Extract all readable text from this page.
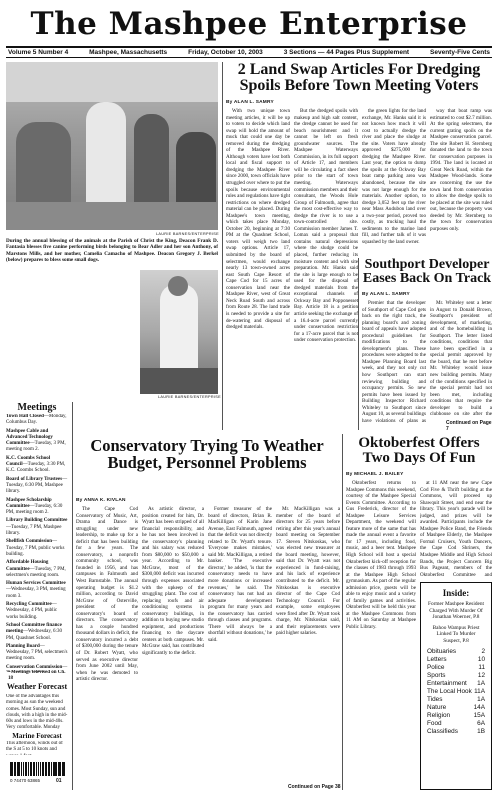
The Mashpee Enterprise
Volume 5 Number 4	Mashpee, Massachusetts	Friday, October 10, 2003	3 Sections — 44 Pages Plus Supplement	Seventy-Five Cents
LAURIE BARNES/ENTERPRISE
During the annual blessing of the animals at the Parish of Christ the King, Deacon Frank D. Fantasia blesses five canine performing birds belonging to Bear Adler and her son Anthony, of Marstons Mills, and her mother, Camelia Camacho of Mashpee. Deacon Gregory J. Berkel (below) prepares to bless some small dogs.
LAURIE BARNES/ENTERPRISE
Meetings

Town Hall Closed—Monday, Columbus Day.

Mashpee Cable and Advanced Technology Committee—Tuesday, 3 PM, meeting room 2.

K.C. Coombs School Council—Tuesday, 3:30 PM, K.C. Coombs School.

Board of Library Trustees—Tuesday, 6:30 PM, Mashpee library.

Mashpee Scholarship Committee—Tuesday, 6:30 PM, meeting room 2.

Library Building Committee—Tuesday, 7 PM, Mashpee library.

Shellfish Commission—Tuesday, 7 PM, public works building.

Affordable Housing Committee—Tuesday, 7 PM, selectmen's meeting room.

Human Services Committee—Wednesday, 3 PM, meeting room 3.

Recycling Committee—Wednesday, 4 PM, public works building.

School Committee finance meeting—Wednesday, 6:30 PM, Quashnet School.

Planning Board—Wednesday, 7 PM, selectmen's meeting room.

Conservation Commission—

• Meetings televised on Ch. 18
Weather Forecast
One of the advantages this morning as sun the weekend comes. Most Sunday, sun and clouds, with a high in the mid-60s and lows in the mid-40s. Very comfortable. Monday
Marine Forecast
This afternoon, winds out of the S at 5 to 10 knots and
0 74470 63865	01
Conservatory Trying To Weather Budget, Personnel Problems
By ANNA K. KIVLAN

The Cape Cod Conservatory of Music, Art, Drama and Dance is struggling under new leadership, to make up for a deficit that has been building for a few years. The conservatory, a nonprofit community school, was founded in 1956, and has campuses in Falmouth and West Barnstable. The annual operating budget is $1.2 million, according to David McGraw of Osterville, president of the conservatory's board of directors. The conservatory has a couple hundred thousand dollars in deficit, the conservatory incurred a debt of $300,000 during the tenure of Dr. Robert Wyatt, who served as executive director from June 2002 until May, when he was demoted to artistic director.

As artistic director, a position created for him, Dr. Wyatt has been stripped of all financial responsibility, and he has not been involved in the conservatory's planning and his salary was reduced from $80,000 to $50,000 a year. According to Mr. McGraw, most of the $300,000 deficit was incurred through expenses associated with the upkeep of the struggling plant. The cost of replacing roofs and air conditioning systems in conservatory buildings, in addition to buying new studio equipment, and productions financing to the daycare centers at both campuses. Mr. McGraw said, has contributed significantly to the deficit.

Former treasurer of the board of directors, Brian R. MacKilligan of Karin Jane Avenue, East Falmouth, agreed that the deficit was not directly related to Dr. Wyatt's tenure. 'Everyone makes mistakes,' said Mr. MacKilligan, a retired banker. 'The executive director,' he added, 'is that the conservatory needs to have more donations or increased revenues,' he said. The conservatory has not had an adequate development program for many years and the conservatory has carried through classes and programs. 'There will always be a shortfall without donations,' he said.

Mr. MacKilligan was a member of the board of directors for 25 years before retiring after this year's annual board meeting on September 17. Steven Nitskoskas, who was elected new treasurer at the board meeting, however, said that Dr. Wyatt was not experienced in fund-raising, and his lack of experience contributed to the deficit. Mr. Nitskoskas is executive director of the Cape Cod Technology Council. For example, some employees were fired after Dr. Wyatt took charge, Mr. Nitskoskas said, and their replacements were paid higher salaries.

Continued on Page 38
2 Land Swap Articles For Dredging Spoils Before Town Meeting Voters
By ALAN L. SAMRY

With two unique town meeting articles, it will be up to voters to decide which land swap will hold the amount of muck that could one day be removed during the dredging of the Mashpee River. Although voters have lost both local and fiscal support to dredging the Mashpee River since 2000, town officials have struggled over where to put the spoils because environmental rules and regulations have tight restrictions on where dredged material can be placed. During Mashpee's town meeting, which takes place Monday, October 20, beginning at 7:30 PM at the Quashnet School, voters will weigh two land swap options. Article 17, submitted by the board of selectmen, would exchange nearly 13 town-owned acres east South Cape Resort of Cape Cod for 15 acres of conservation land near the Mashpee River, west of Great Neck Road South and across from Route 28. The land trade is needed to provide a site for de-watering and disposal of dredged materials.

But the dredged spoils with makeup and high salt content, the dredge cannot be used for beach nourishment and it cannot be left on fresh groundwater sources. The Mashpee Waterways Commission, in its full support of Article 17, and members will be circulating a fact sheet prior to the start of town meeting. Waterways commission members and their consultant, the Woods Hole Group of Falmouth, agree that the most cost-effective way to dredge the river is to use a town-controlled site. Commission member James T. Lomax said a proposal that contains natural depressions where the sludge could be placed, further reducing its moisture content and with site preparation. Mr. Hanks said the site is large enough to be used for the disposal of dredged materials from the exceptional channels of Ockway Bay and Popponesset Bay. Article 18 is a petition article seeking the exchange of a 16.4-acre parcel currently under conservation restriction for a 17-acre parcel that is not under conservation protection.

the green lights for the land exchange, Mr. Hanks said it is not known how much it will cost to actually dredge the river and place the sludge at the site. Voters have already approved $275,000 for dredging the Mashpee River. Last year, the option to dump the spoils at the Ockway Bay boat ramp parking area was abandoned, because the site was not large enough for the materials. Another option, to dredge 3,052 feet up the river near Mass Audubon land over a two-year period, proved too costly, as trucking haul the sediments to the marine land fill, and further talk of it was squashed by the land owner.

way that boat ramp was estimated to cost $2.7 million. At the spring selectmen, the current grating spoils on the Mashpee conservation parcel. The site Robert H. Sternberg donated the land to the town for conservation purposes in 1994. The land is located at Great Neck Road, within the Mashpee Wood-lands. Some are concerning the use the town land from conservation to allow the dredge spoils to be placed at the site was ruled out, because the property was deeded by Mr. Sternberg to the town for conservation purposes only.

Southport Developer Eases Back On Track
By ALAN L. SAMRY

Premier that the developer of Southport of Cape Cod gets back on the right track, the planning board's and zoning board of appeals have adopted procedural guidelines for modifications to the development's plans. These procedures were adopted to the Mashpee Planning Board last week, and they not only cut how Southport can start reviewing building and occupancy permits. So new permits have been issued by Building Inspector Richard Whiteley to Southport since August 10, as several buildings have violations of plans as

Mr. Whiteley sent a letter in August to Donald Brown, Southport's president of development, of marketing, and of the homebuilding in Southport. The letter listed conditions, conditions that have been specified in a special permit approved by the board, that he met before Mr. Whiteley would issue new building permits. Many of the conditions specified in the special permit had not been met, including conditions that require the developer to build a clubhouse on site after the

Continued on Page 7
Oktoberfest Offers Two Days Of Fun
By MICHAEL J. BAILEY

Oktoberfest returns to Mashpee Commons this weekend, courtesy of the Mashpee Special Events Committee. According to Gus Frederick, director of the Mashpee Leisure Services Department, the weekend will feature more of the same that has made the annual event a favorite for 17 years, including food, music, and a beer tent. Mashpee High School will host a special Oktoberfest kick-off reception for the classes of 1983 through 1993 at the Mashpee High School gymnasium. As part of the regular admission price, guests will be able to enjoy music and a variety of family games and activities. Oktoberfest will be held this year at the Mashpee Commons from 11 AM on Saturday at Mashpee Public Library.

at 11 AM near the new Cape Cod Five & Thrift building at the Commons, will proceed up Shawquit Street, and end near the library. This year's parade will be judged, and prizes will be awarded. Participants include the Mashpee Police Band, the Friends of Mashpee Elderly, the Mashpee Formal Cruisers, Youth Dancers, the Cape Cod Shriners, the Mashpee Middle and High School Bands, the Project Concern Big Bus Pageant, members of the Oktoberfest Committee and

Inside:
Former Mashpee Resident Charged With Murder Of Jonathan Woerner, P.8
Bahoo Wampus Priest Linked To Murder Suspect, P.8
Obituaries	2
Letters	10
Police	11
Sports	12
Entertainment 1A
The Local Hook 11A
Tides	1A
Nature	14A
Religion	15A
Food	6A
Classifieds	1B
